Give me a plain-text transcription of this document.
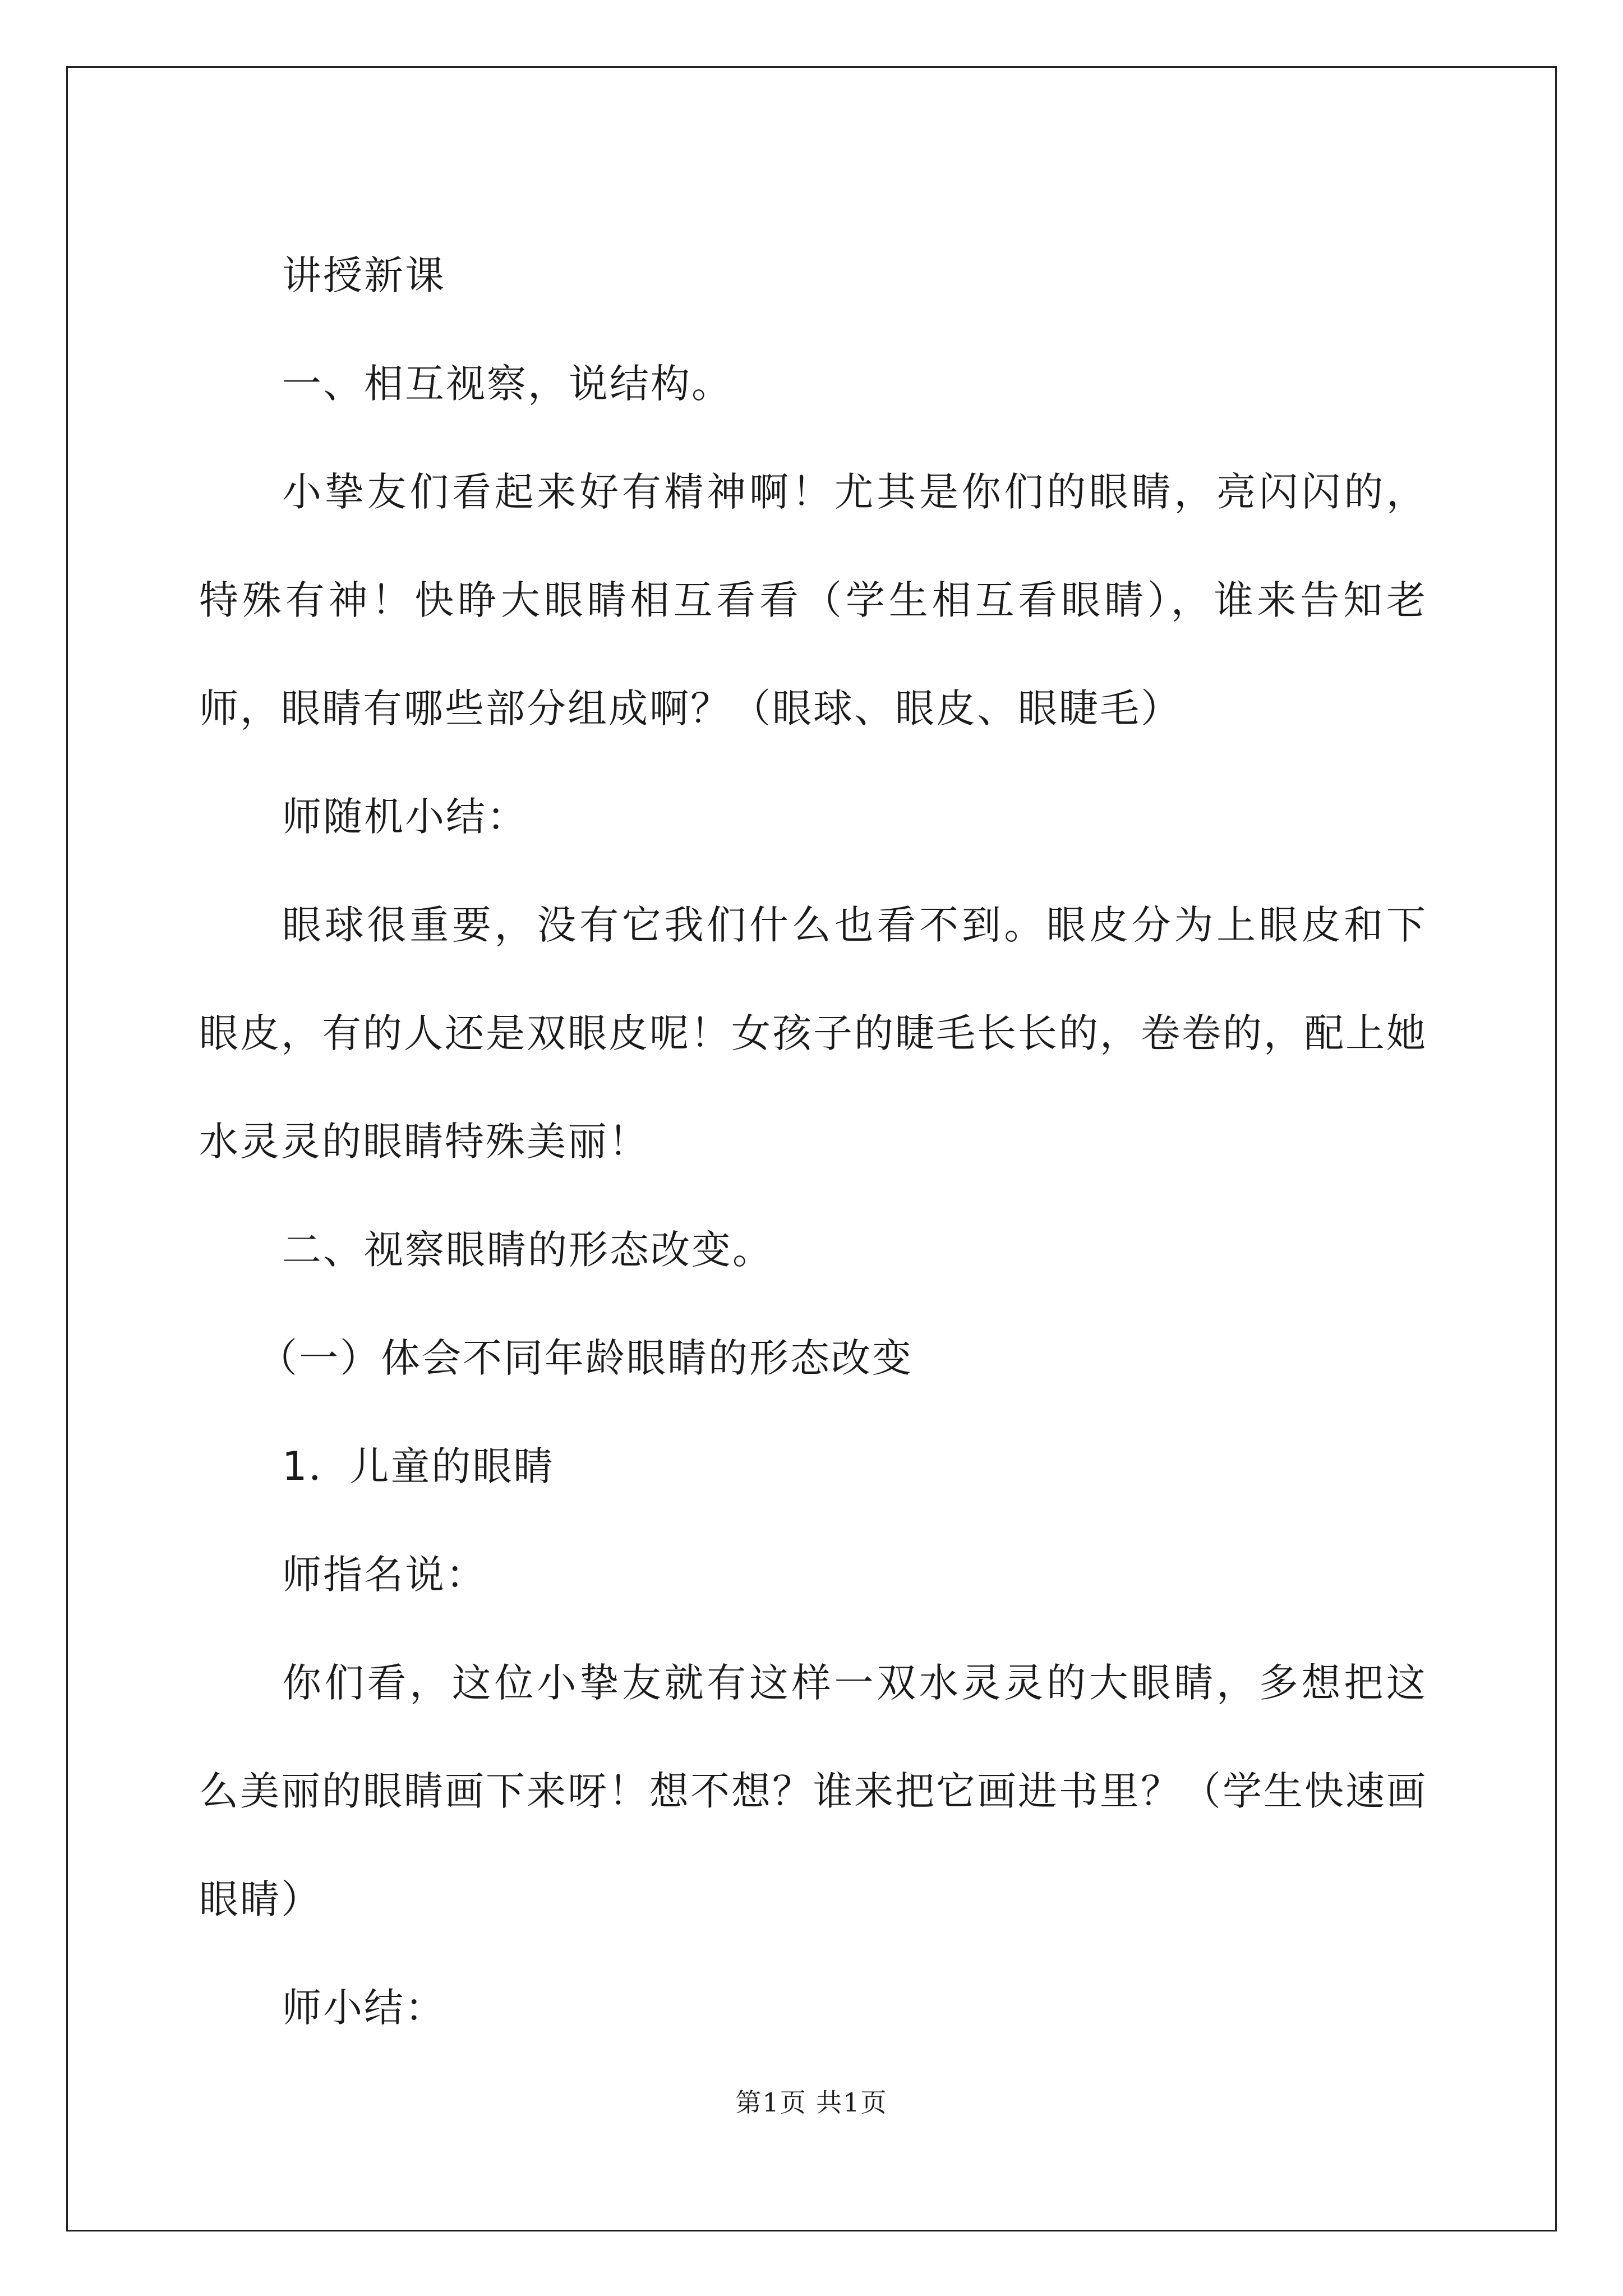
讲授新课

一、相互视察，说结构。

小挚友们看起来好有精神啊！尤其是你们的眼睛，亮闪闪的，特殊有神！快睁大眼睛相互看看（学生相互看眼睛），谁来告知老师，眼睛有哪些部分组成啊？（眼球、眼皮、眼睫毛）

师随机小结：

眼球很重要，没有它我们什么也看不到。眼皮分为上眼皮和下眼皮，有的人还是双眼皮呢！女孩子的睫毛长长的，卷卷的，配上她水灵灵的眼睛特殊美丽！

二、视察眼睛的形态改变。

（一）体会不同年龄眼睛的形态改变

1．儿童的眼睛

师指名说：

你们看，这位小挚友就有这样一双水灵灵的大眼睛，多想把这么美丽的眼睛画下来呀！想不想？谁来把它画进书里？（学生快速画眼睛）

师小结：

第1页 共1页
